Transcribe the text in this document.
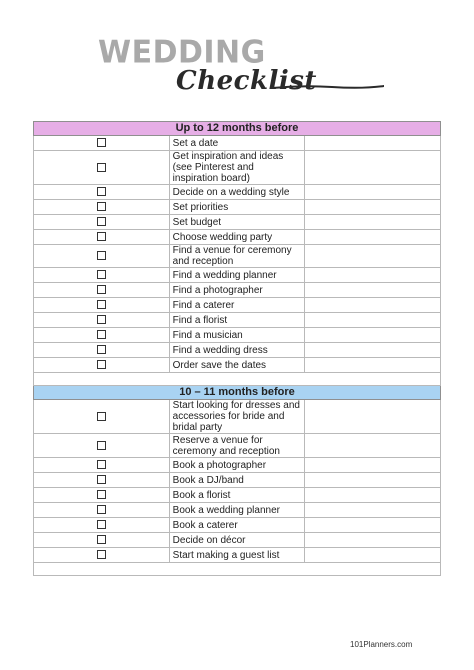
WEDDING
Checklist
Up to 12 months before		
	Set a date	
	Get inspiration and ideas (see Pinterest and inspiration board)	
	Decide on a wedding style	
	Set priorities	
	Set budget	
	Choose wedding party	
	Find a venue for ceremony and reception	
	Find a wedding planner	
	Find a photographer	
	Find a caterer	
	Find a florist	
	Find a musician	
	Find a wedding dress	
	Order save the dates	

10 – 11 months before		
	Start looking for dresses and accessories for bride and bridal party	
	Reserve a venue for ceremony and reception	
	Book a photographer	
	Book a DJ/band	
	Book a florist	
	Book a wedding planner	
	Book a caterer	
	Decide on décor	
	Start making a guest list	

101Planners.com
